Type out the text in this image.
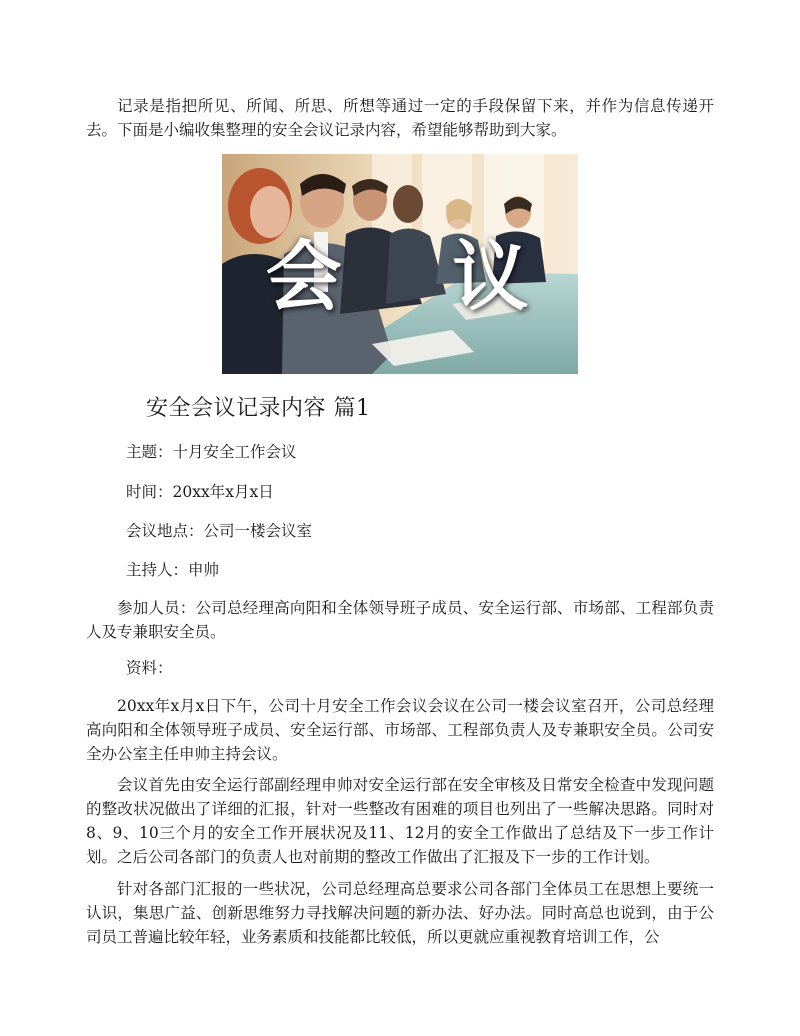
记录是指把所见、所闻、所思、所想等通过一定的手段保留下来，并作为信息传递开去。下面是小编收集整理的安全会议记录内容，希望能够帮助到大家。

会 议
安全会议记录内容 篇1

主题：十月安全工作会议

时间：20xx年x月x日

会议地点：公司一楼会议室

主持人：申帅

参加人员：公司总经理高向阳和全体领导班子成员、安全运行部、市场部、工程部负责人及专兼职安全员。

资料：

20xx年x月x日下午，公司十月安全工作会议会议在公司一楼会议室召开，公司总经理高向阳和全体领导班子成员、安全运行部、市场部、工程部负责人及专兼职安全员。公司安全办公室主任申帅主持会议。

会议首先由安全运行部副经理申帅对安全运行部在安全审核及日常安全检查中发现问题的整改状况做出了详细的汇报，针对一些整改有困难的项目也列出了一些解决思路。同时对8、9、10三个月的安全工作开展状况及11、12月的安全工作做出了总结及下一步工作计划。之后公司各部门的负责人也对前期的整改工作做出了汇报及下一步的工作计划。

针对各部门汇报的一些状况，公司总经理高总要求公司各部门全体员工在思想上要统一认识，集思广益、创新思维努力寻找解决问题的新办法、好办法。同时高总也说到，由于公司员工普遍比较年轻，业务素质和技能都比较低，所以更就应重视教育培训工作，公
